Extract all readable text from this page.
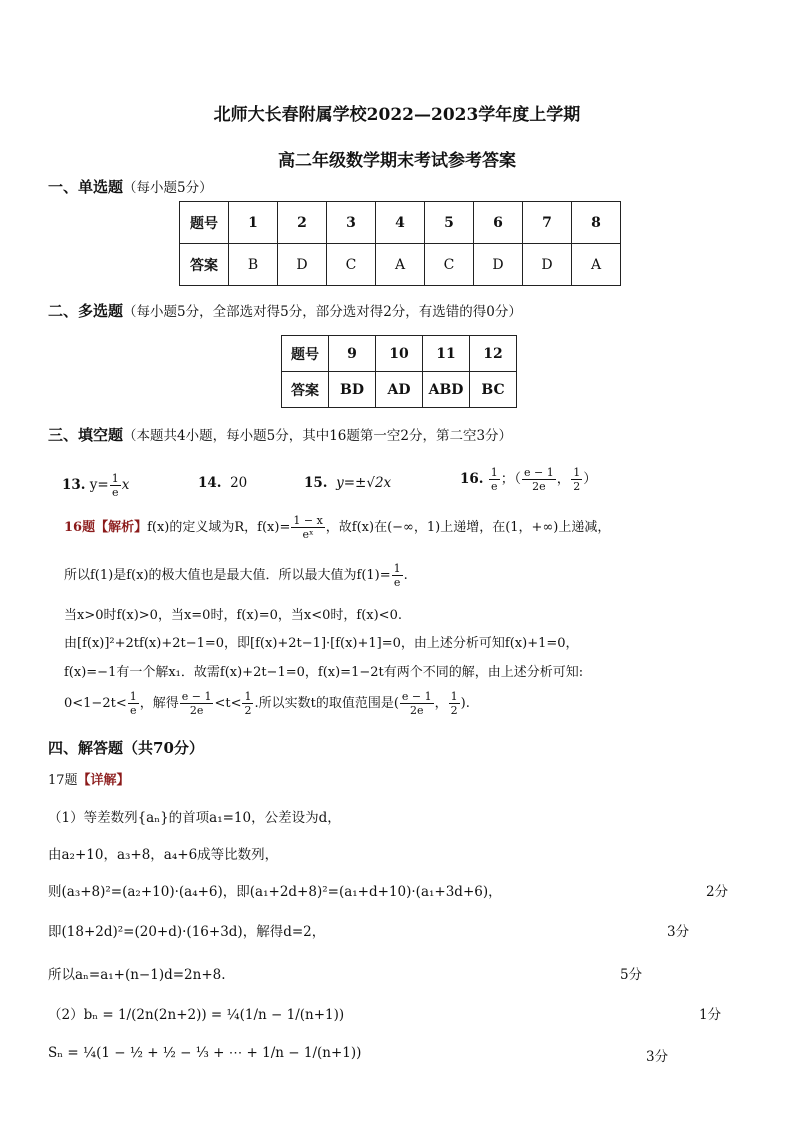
北师大长春附属学校2022—2023学年度上学期
高二年级数学期末考试参考答案
一、单选题（每小题5分）
题号	1	2	3	4	5	6	7	8
答案	B	D	C	A	C	D	D	A
二、多选题（每小题5分，全部选对得5分，部分选对得2分，有选错的得0分）
题号	9	10	11	12
答案	BD	AD	ABD	BC
三、填空题（本题共4小题，每小题5分，其中16题第一空2分，第二空3分）
13. $y= \frac{1}{e}$ x	14. 20	15. y=±√2x	16. $\frac{1}{e}$ ；（ $\frac{e - 1}{2e}$ ， $\frac{1}{2}$ ）
16题【解析】f(x)的定义域为R，$f(x)= \frac{1 - x}{\text{eˣ}}$ ，故f(x)在(−∞，1)上递增，在(1，+∞)上递减，
所以f(1)是f(x)的极大值也是最大值．所以最大值为$f(1)= \frac{1}{e}$ .
当x>0时f(x)>0，当x=0时，f(x)=0，当x<0时，f(x)<0.
由[f(x)]²+2tf(x)+2t−1=0，即[f(x)+2t−1]·[f(x)+1]=0，由上述分析可知f(x)+1=0，
f(x)=−1有一个解x₁．故需f(x)+2t−1=0，f(x)=1−2t有两个不同的解，由上述分析可知:
$0<1-2t< \frac{1}{e}$ ，解得 $\frac{e - 1}{2e} <t< \frac{1}{2}$ .所以实数t的取值范围是( $\frac{e - 1}{2e}$ ， $\frac{1}{2}$ ).
四、解答题（共70分）
17题【详解】
（1）等差数列{aₙ}的首项a₁=10，公差设为d，
由a₂+10，a₃+8，a₄+6成等比数列，
则(a₃+8)²=(a₂+10)·(a₄+6)，即(a₁+2d+8)²=(a₁+d+10)·(a₁+3d+6)，	2分
即(18+2d)²=(20+d)·(16+3d)，解得d=2，	3分
所以aₙ=a₁+(n−1)d=2n+8.	5分
（2）bₙ = 1/(2n(2n+2)) = ¼(1/n − 1/(n+1))	1分
Sₙ = ¼(1 − ½ + ½ − ⅓ + ⋯ + 1/n − 1/(n+1))	3分
